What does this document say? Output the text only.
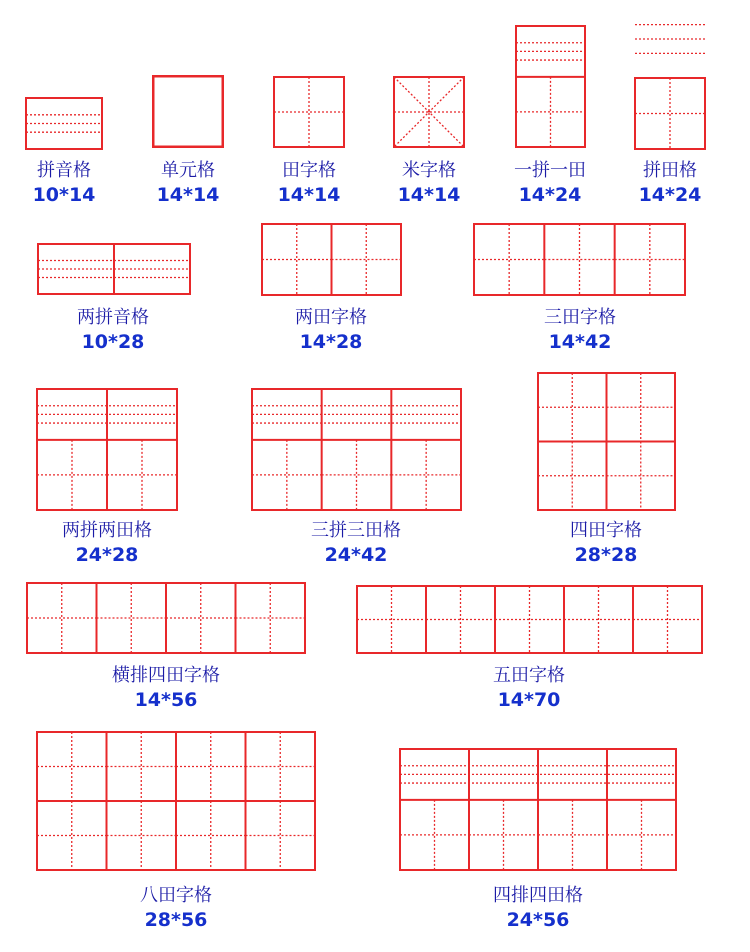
拼音格
10*14
单元格
14*14
田字格
14*14
米字格
14*14
一拼一田
14*24
拼田格
14*24
两拼音格
10*28
两田字格
14*28
三田字格
14*42
两拼两田格
24*28
三拼三田格
24*42
四田字格
28*28
横排四田字格
14*56
五田字格
14*70
八田字格
28*56
四排四田格
24*56
